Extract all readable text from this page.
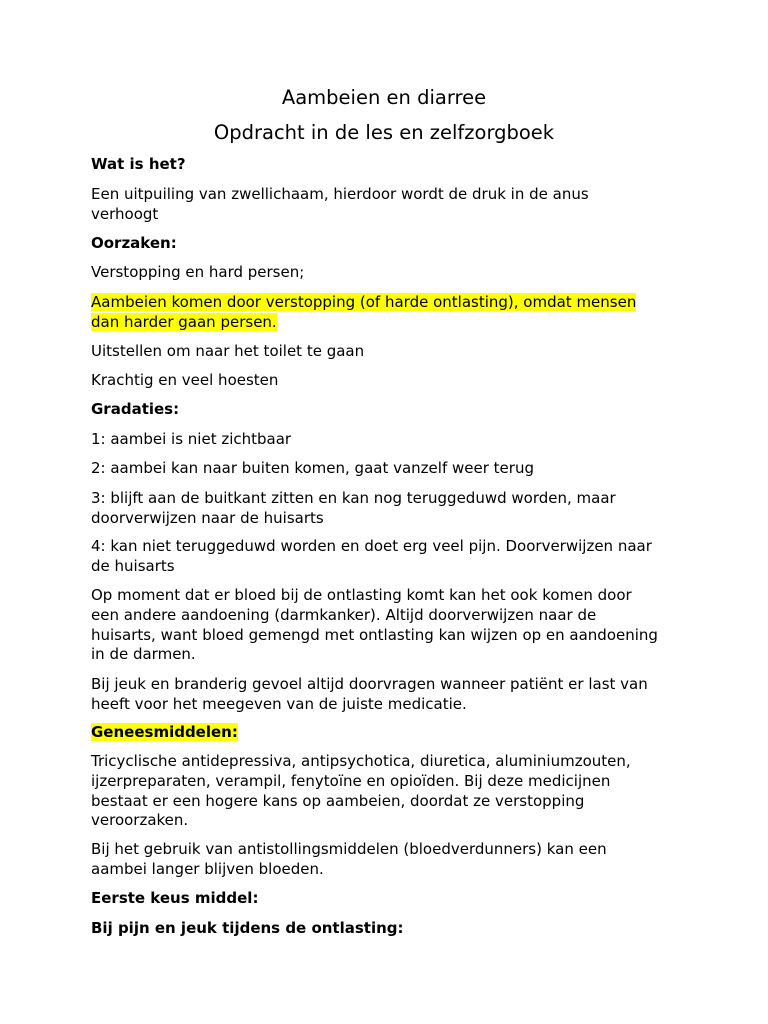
Aambeien en diarree
Opdracht in de les en zelfzorgboek

Wat is het?

Een uitpuiling van zwellichaam, hierdoor wordt de druk in de anus
verhoogt

Oorzaken:

Verstopping en hard persen;

Aambeien komen door verstopping (of harde ontlasting), omdat mensen
dan harder gaan persen.

Uitstellen om naar het toilet te gaan

Krachtig en veel hoesten

Gradaties:

1: aambei is niet zichtbaar

2: aambei kan naar buiten komen, gaat vanzelf weer terug

3: blijft aan de buitkant zitten en kan nog teruggeduwd worden, maar
doorverwijzen naar de huisarts

4: kan niet teruggeduwd worden en doet erg veel pijn. Doorverwijzen naar
de huisarts

Op moment dat er bloed bij de ontlasting komt kan het ook komen door
een andere aandoening (darmkanker). Altijd doorverwijzen naar de
huisarts, want bloed gemengd met ontlasting kan wijzen op en aandoening
in de darmen.

Bij jeuk en branderig gevoel altijd doorvragen wanneer patiënt er last van
heeft voor het meegeven van de juiste medicatie.

Geneesmiddelen:

Tricyclische antidepressiva, antipsychotica, diuretica, aluminiumzouten,
ijzerpreparaten, verampil, fenytoïne en opioïden. Bij deze medicijnen
bestaat er een hogere kans op aambeien, doordat ze verstopping
veroorzaken.

Bij het gebruik van antistollingsmiddelen (bloedverdunners) kan een
aambei langer blijven bloeden.

Eerste keus middel:

Bij pijn en jeuk tijdens de ontlasting:
